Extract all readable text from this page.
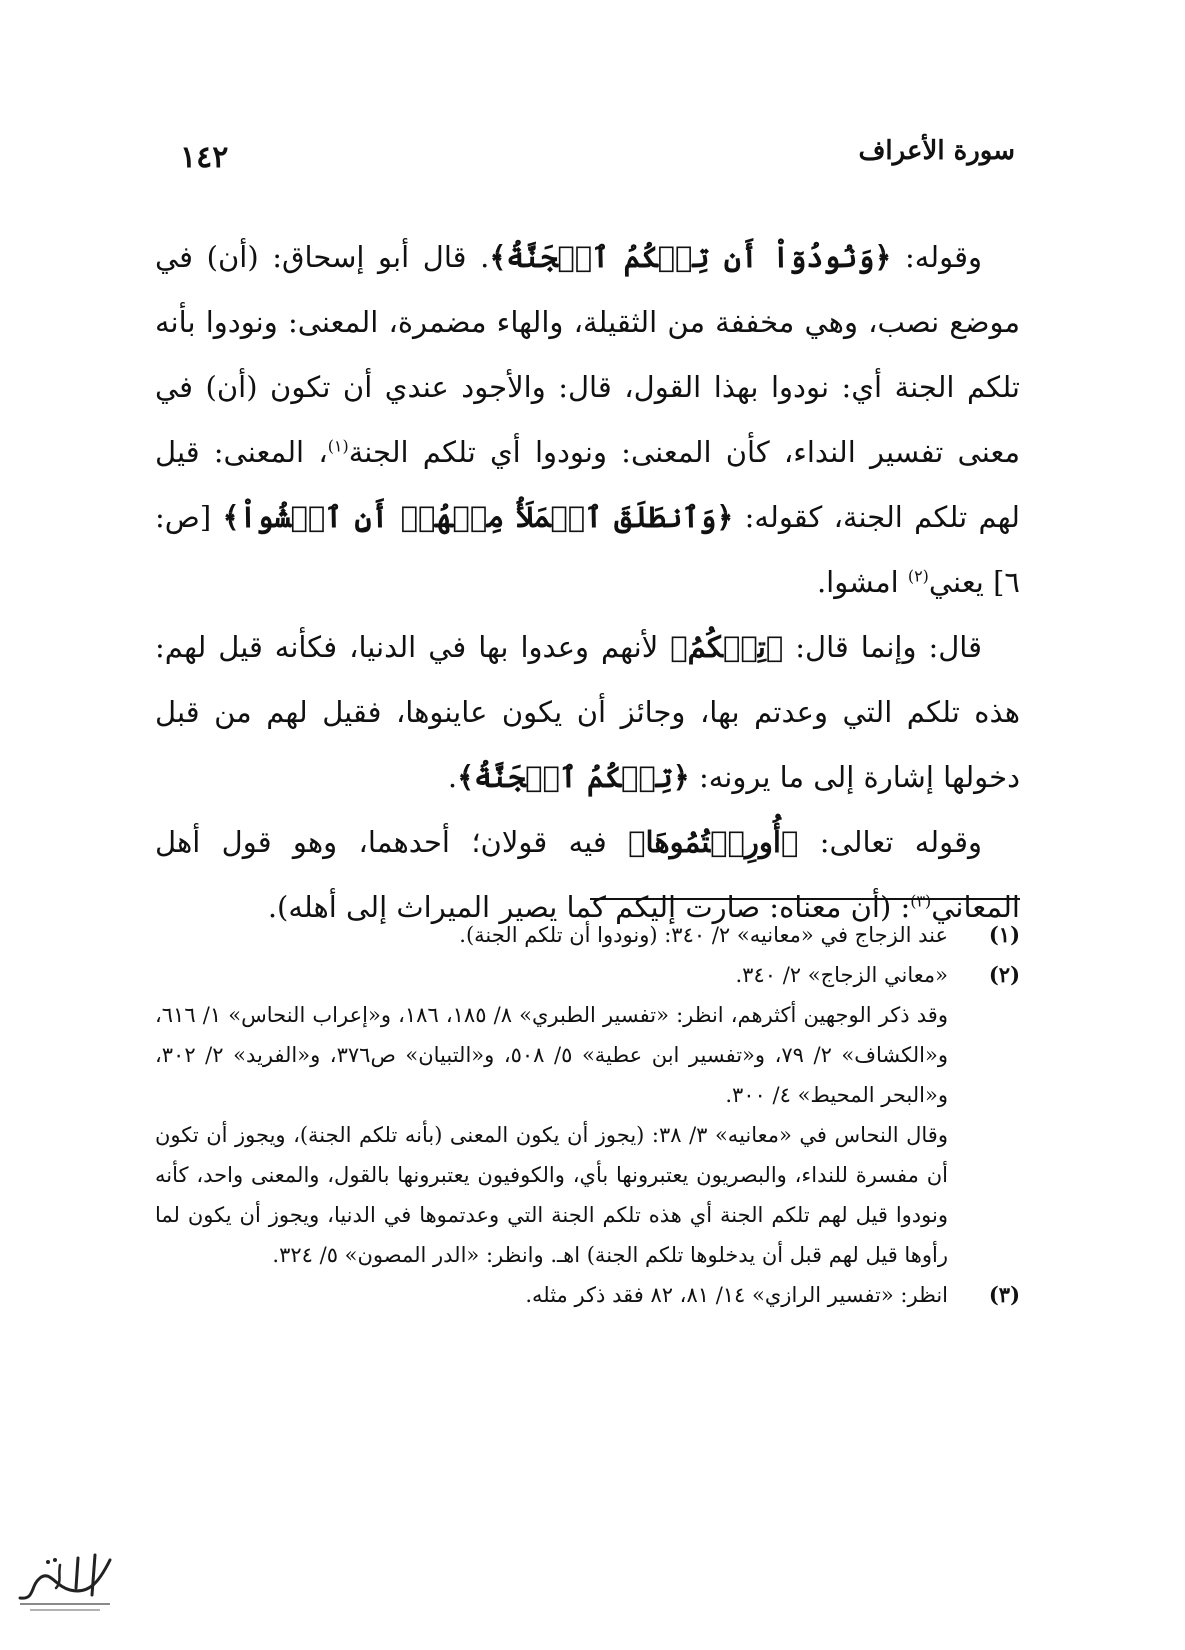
سورة الأعراف
١٤٢

وقوله: ﴿وَنُودُوٓاْ أَن تِلۡكُمُ ٱلۡجَنَّةُ﴾. قال أبو إسحاق: (أن) في موضع نصب، وهي مخففة من الثقيلة، والهاء مضمرة، المعنى: ونودوا بأنه تلكم الجنة أي: نودوا بهذا القول، قال: والأجود عندي أن تكون (أن) في معنى تفسير النداء، كأن المعنى: ونودوا أي تلكم الجنة$^{(١)}$، المعنى: قيل لهم تلكم الجنة، كقوله: ﴿وَٱنطَلَقَ ٱلۡمَلَأُ مِنۡهُمۡ أَنِ ٱمۡشُواْ﴾ [ص: ٦] يعني$^{(٢)}$ امشوا.

قال: وإنما قال: ﴿تِلۡكُمُ﴾ لأنهم وعدوا بها في الدنيا، فكأنه قيل لهم: هذه تلكم التي وعدتم بها، وجائز أن يكون عاينوها، فقيل لهم من قبل دخولها إشارة إلى ما يرونه: ﴿تِلۡكُمُ ٱلۡجَنَّةُ﴾.

وقوله تعالى: ﴿أُورِثۡتُمُوهَا﴾ فيه قولان؛ أحدهما، وهو قول أهل المعاني$^{(٣)}$: (أن معناه: صارت إليكم كما يصير الميراث إلى أهله).

(١)
عند الزجاج في «معانيه» ٢/ ٣٤٠: (ونودوا أن تلكم الجنة).

(٢)
«معاني الزجاج» ٢/ ٣٤٠.

وقد ذكر الوجهين أكثرهم، انظر: «تفسير الطبري» ٨/ ١٨٥، ١٨٦، و«إعراب النحاس» ١/ ٦١٦، و«الكشاف» ٢/ ٧٩، و«تفسير ابن عطية» ٥/ ٥٠٨، و«التبيان» ص٣٧٦، و«الفريد» ٢/ ٣٠٢، و«البحر المحيط» ٤/ ٣٠٠.

وقال النحاس في «معانيه» ٣/ ٣٨: (يجوز أن يكون المعنى (بأنه تلكم الجنة)، ويجوز أن تكون أن مفسرة للنداء، والبصريون يعتبرونها بأي، والكوفيون يعتبرونها بالقول، والمعنى واحد، كأنه ونودوا قيل لهم تلكم الجنة أي هذه تلكم الجنة التي وعدتموها في الدنيا، ويجوز أن يكون لما رأوها قيل لهم قبل أن يدخلوها تلكم الجنة) اهـ. وانظر: «الدر المصون» ٥/ ٣٢٤.

(٣)
انظر: «تفسير الرازي» ١٤/ ٨١، ٨٢ فقد ذكر مثله.
